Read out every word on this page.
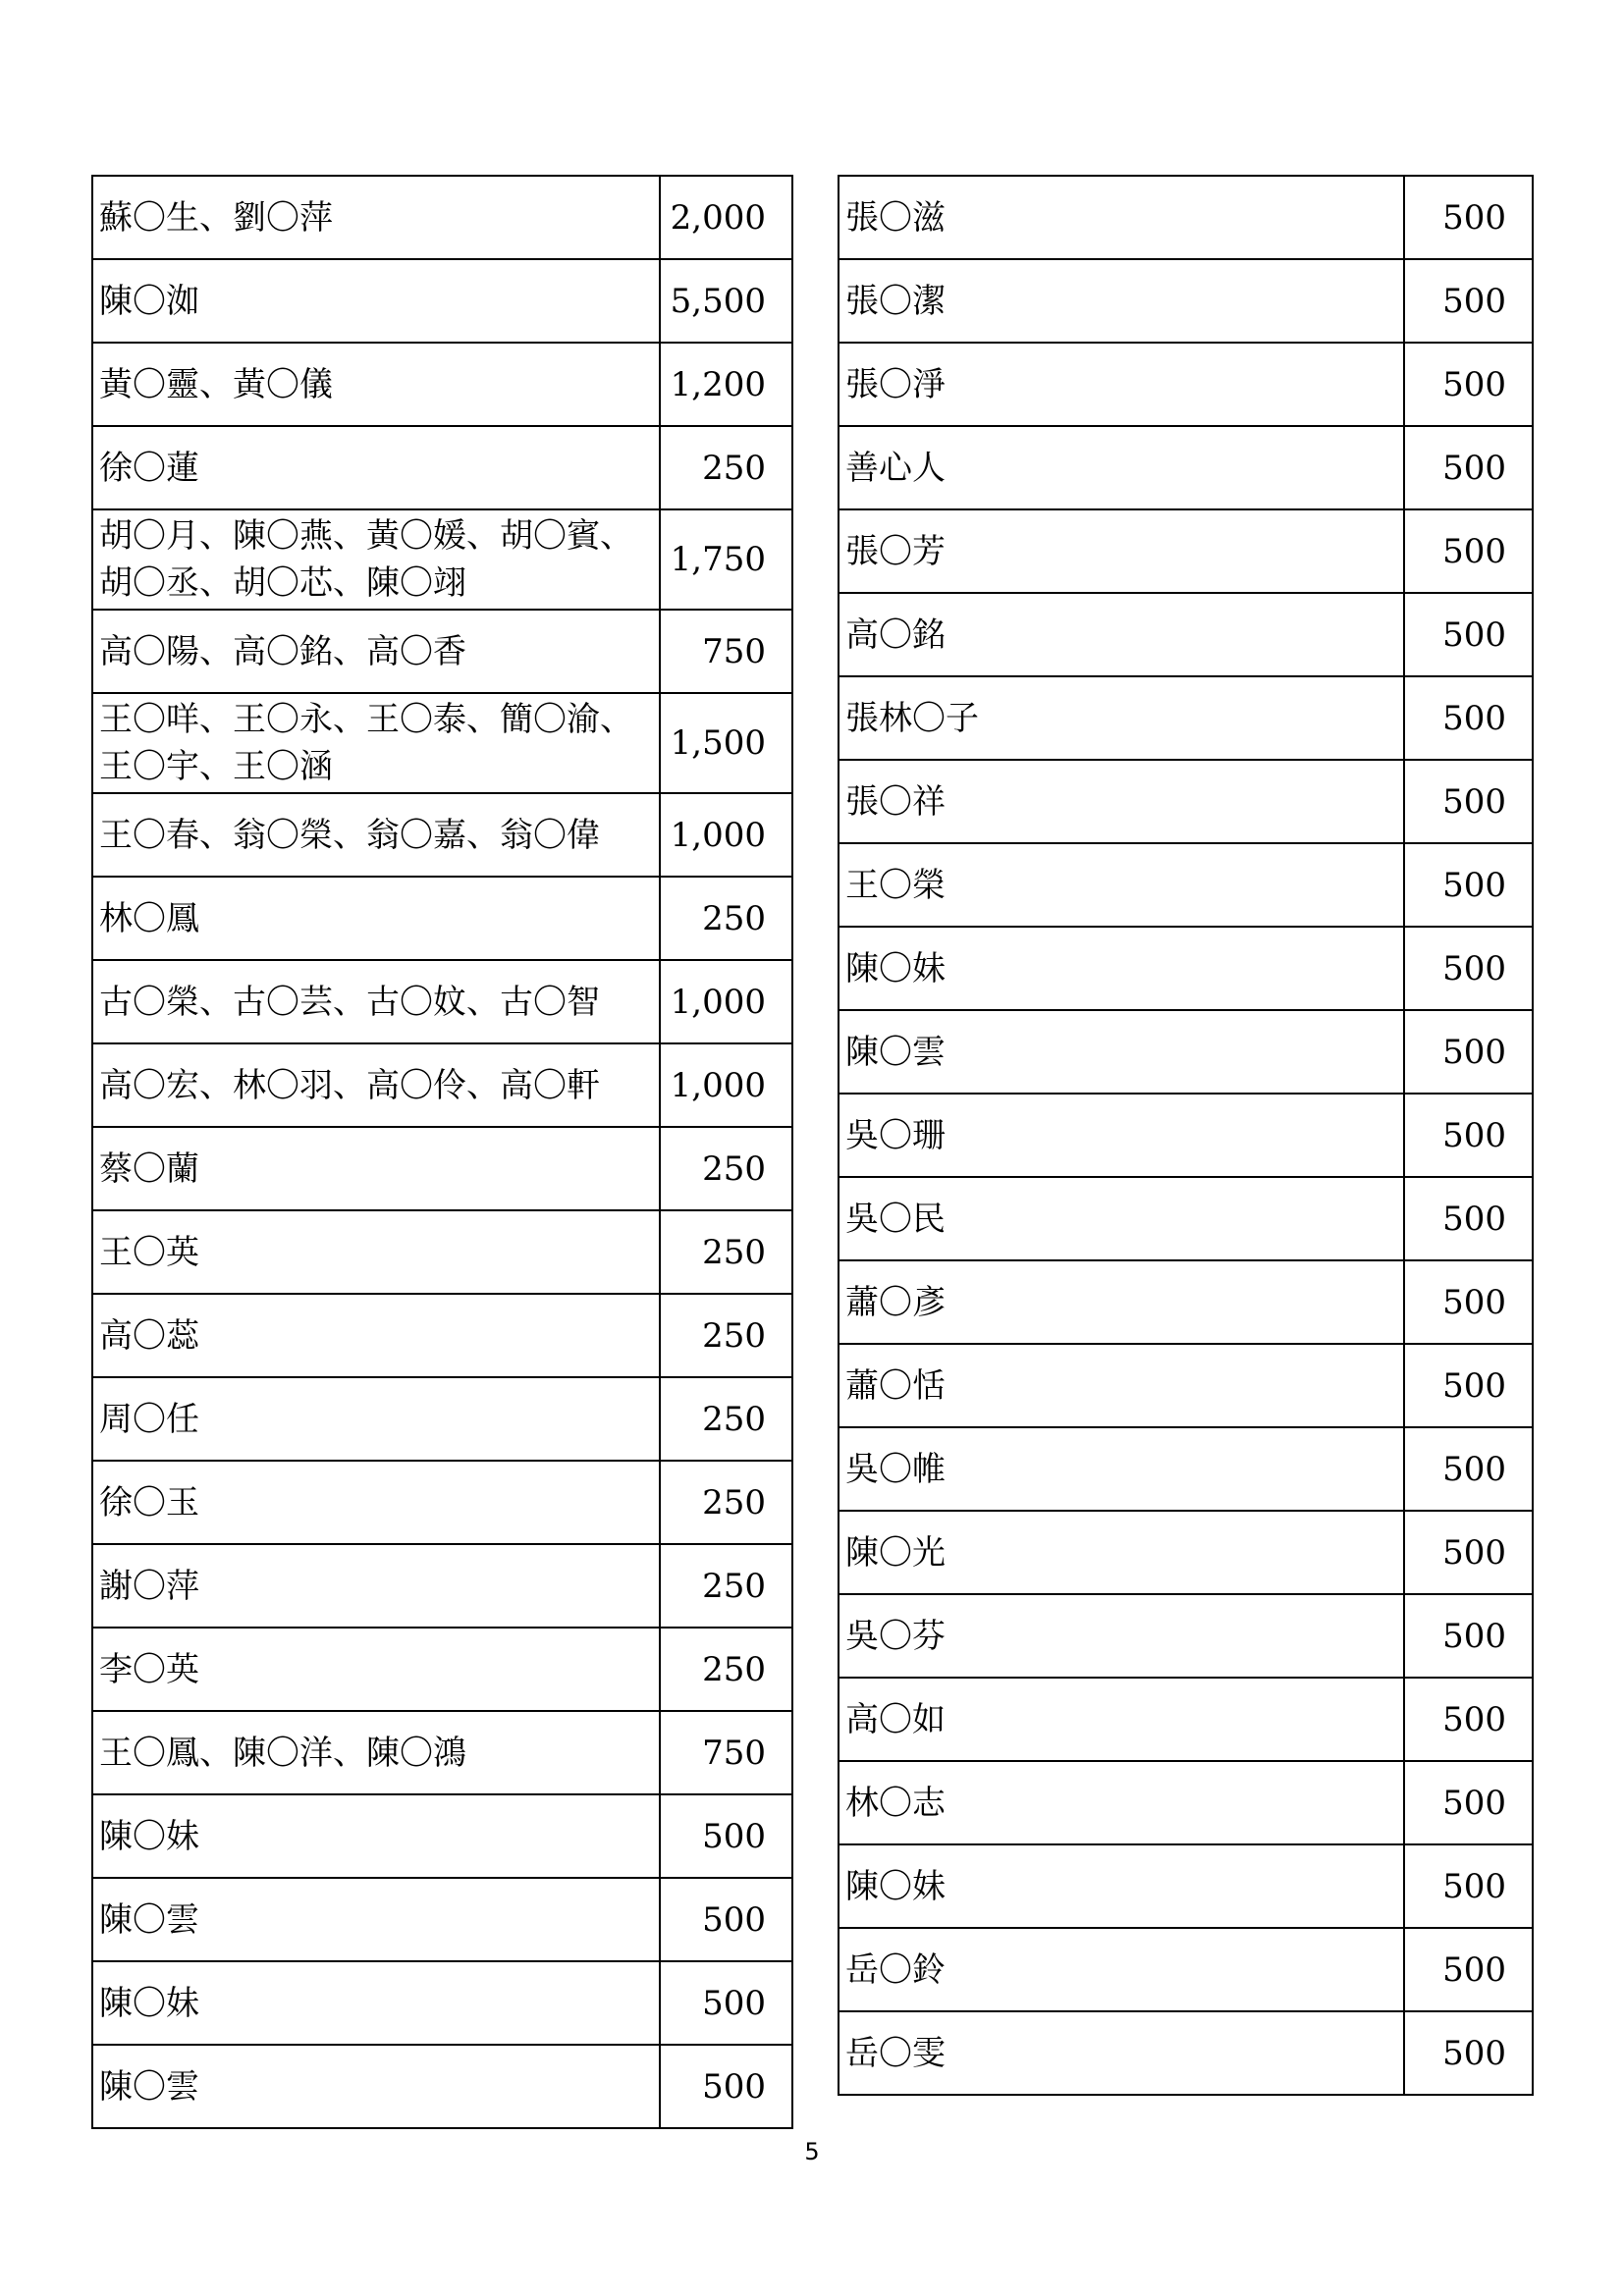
蘇〇生、劉〇萍	2,000
陳〇洳	5,500
黃〇靈、黃〇儀	1,200
徐〇蓮	250
胡〇月、陳〇燕、黃〇媛、胡〇賓、胡〇丞、胡〇芯、陳〇翊	1,750
高〇陽、高〇銘、高〇香	750
王〇咩、王〇永、王〇泰、簡〇渝、王〇宇、王〇涵	1,500
王〇春、翁〇榮、翁〇嘉、翁〇偉	1,000
林〇鳳	250
古〇榮、古〇芸、古〇妏、古〇智	1,000
高〇宏、林〇羽、高〇伶、高〇軒	1,000
蔡〇蘭	250
王〇英	250
高〇蕊	250
周〇任	250
徐〇玉	250
謝〇萍	250
李〇英	250
王〇鳳、陳〇洋、陳〇鴻	750
陳〇妹	500
陳〇雲	500
陳〇妹	500
陳〇雲	500
張〇滋	500
張〇潔	500
張〇淨	500
善心人	500
張〇芳	500
高〇銘	500
張林〇子	500
張〇祥	500
王〇榮	500
陳〇妹	500
陳〇雲	500
吳〇珊	500
吳〇民	500
蕭〇彥	500
蕭〇恬	500
吳〇帷	500
陳〇光	500
吳〇芬	500
高〇如	500
林〇志	500
陳〇妹	500
岳〇鈴	500
岳〇雯	500
5
